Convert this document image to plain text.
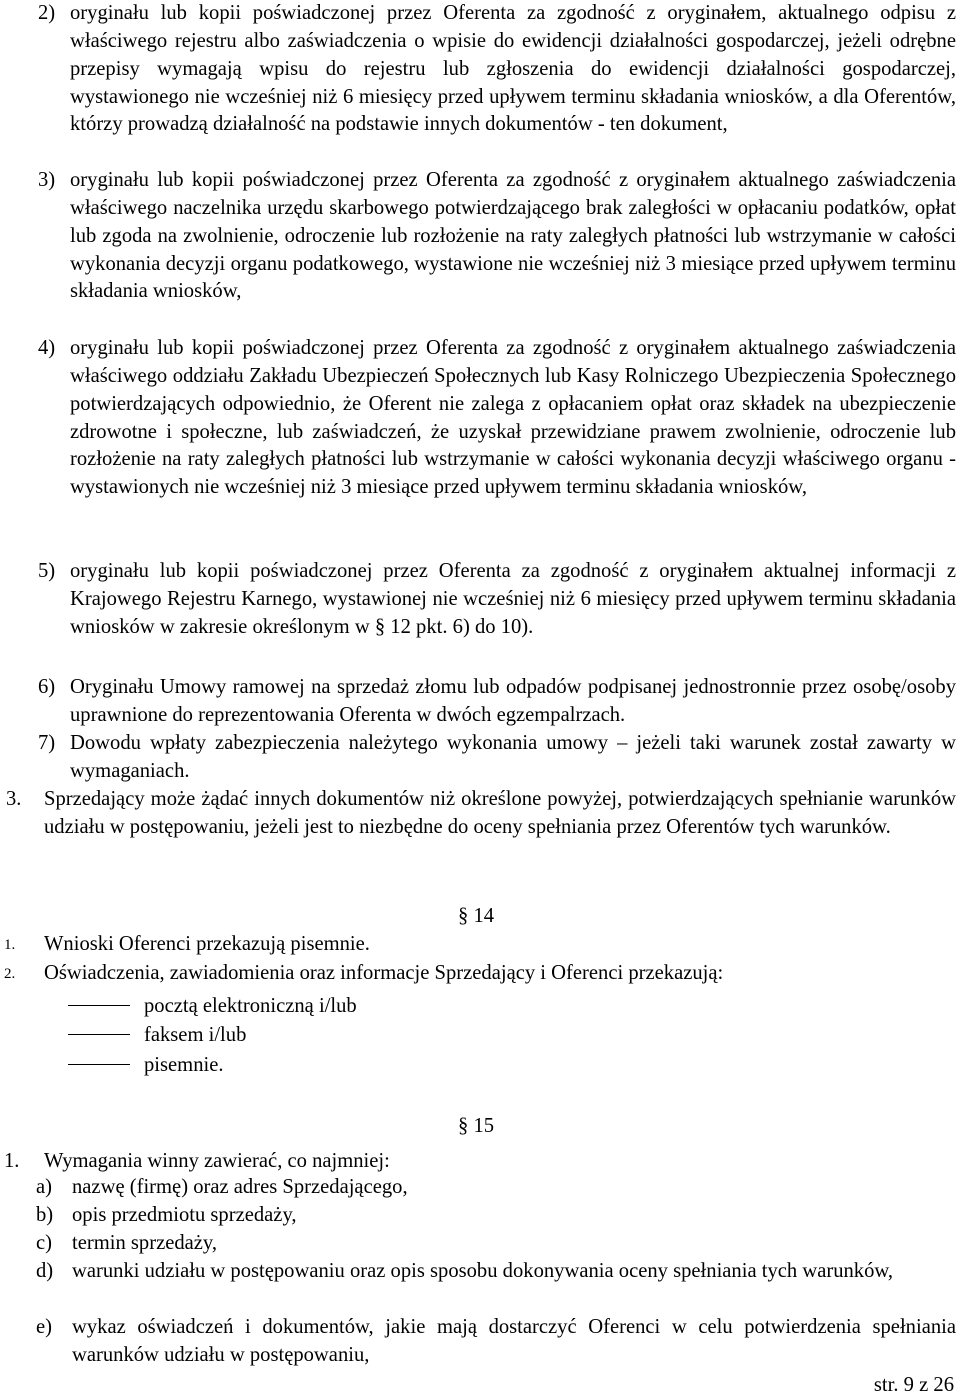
2) oryginału lub kopii poświadczonej przez Oferenta za zgodność z oryginałem, aktualnego odpisu z właściwego rejestru albo zaświadczenia o wpisie do ewidencji działalności gospodarczej, jeżeli odrębne przepisy wymagają wpisu do rejestru lub zgłoszenia do ewidencji działalności gospodarczej, wystawionego nie wcześniej niż 6 miesięcy przed upływem terminu składania wniosków, a dla Oferentów, którzy prowadzą działalność na podstawie innych dokumentów - ten dokument,

3) oryginału lub kopii poświadczonej przez Oferenta za zgodność z oryginałem aktualnego zaświadczenia właściwego naczelnika urzędu skarbowego potwierdzającego brak zaległości w opłacaniu podatków, opłat lub zgoda na zwolnienie, odroczenie lub rozłożenie na raty zaległych płatności lub wstrzymanie w całości wykonania decyzji organu podatkowego, wystawione nie wcześniej niż 3 miesiące przed upływem terminu składania wniosków,

4) oryginału lub kopii poświadczonej przez Oferenta za zgodność z oryginałem aktualnego zaświadczenia właściwego oddziału Zakładu Ubezpieczeń Społecznych lub Kasy Rolniczego Ubezpieczenia Społecznego potwierdzających odpowiednio, że Oferent nie zalega z opłacaniem opłat oraz składek na ubezpieczenie zdrowotne i społeczne, lub zaświadczeń, że uzyskał przewidziane prawem zwolnienie, odroczenie lub rozłożenie na raty zaległych płatności lub wstrzymanie w całości wykonania decyzji właściwego organu - wystawionych nie wcześniej niż 3 miesiące przed upływem terminu składania wniosków,

5) oryginału lub kopii poświadczonej przez Oferenta za zgodność z oryginałem aktualnej informacji z Krajowego Rejestru Karnego, wystawionej nie wcześniej niż 6 miesięcy przed upływem terminu składania wniosków w zakresie określonym w § 12 pkt. 6) do 10).

6) Oryginału Umowy ramowej na sprzedaż złomu lub odpadów podpisanej jednostronnie przez osobę/osoby uprawnione do reprezentowania Oferenta w dwóch egzempalrzach.

7) Dowodu wpłaty zabezpieczenia należytego wykonania umowy – jeżeli taki warunek został zawarty w wymaganiach.

3. Sprzedający może żądać innych dokumentów niż określone powyżej, potwierdzających spełnianie warunków udziału w postępowaniu, jeżeli jest to niezbędne do oceny spełniania przez Oferentów tych warunków.

§ 14
1. Wnioski Oferenci przekazują pisemnie.

2. Oświadczenia, zawiadomienia oraz informacje Sprzedający i Oferenci przekazują:

pocztą elektroniczną i/lub
faksem i/lub
pisemnie.
§ 15
1. Wymagania winny zawierać, co najmniej:

a) nazwę (firmę) oraz adres Sprzedającego,

b) opis przedmiotu sprzedaży,

c) termin sprzedaży,

d) warunki udziału w postępowaniu oraz opis sposobu dokonywania oceny spełniania tych warunków,

e) wykaz oświadczeń i dokumentów, jakie mają dostarczyć Oferenci w celu potwierdzenia spełniania warunków udziału w postępowaniu,

str. 9 z 26
